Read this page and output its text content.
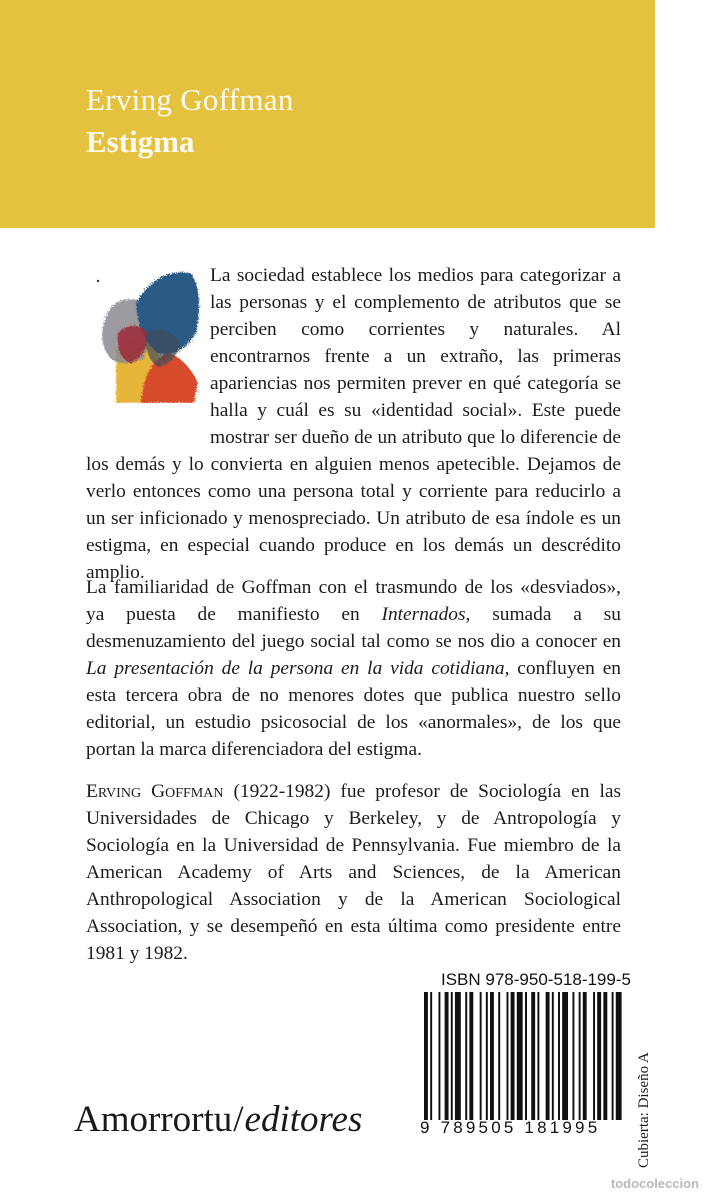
Erving Goffman
Estigma

La sociedad establece los medios para categorizar a las personas y el complemento de atributos que se perciben como corrientes y naturales. Al encontrarnos frente a un extraño, las primeras apariencias nos permiten prever en qué categoría se halla y cuál es su «identidad social». Este puede mostrar ser dueño de un atributo que lo diferencie de los demás y lo convierta en alguien menos apetecible. Dejamos de verlo entonces como una persona total y corriente para reducirlo a un ser inficionado y menospreciado. Un atributo de esa índole es un estigma, en especial cuando produce en los demás un descrédito amplio.

La familiaridad de Goffman con el trasmundo de los «desviados», ya puesta de manifiesto en Internados, sumada a su desmenuzamiento del juego social tal como se nos dio a conocer en La presentación de la persona en la vida cotidiana, confluyen en esta tercera obra de no menores dotes que publica nuestro sello editorial, un estudio psicosocial de los «anormales», de los que portan la marca diferenciadora del estigma.

Erving Goffman (1922-1982) fue profesor de Sociología en las Universidades de Chicago y Berkeley, y de Antropología y Sociología en la Universidad de Pennsylvania. Fue miembro de la American Academy of Arts and Sciences, de la American Anthropological Association y de la American Sociological Association, y se desempeñó en esta última como presidente entre 1981 y 1982.

ISBN 978-950-518-199-5
9 789505 181995
Amorrortu/editores	Cubierta: Diseño A
todocoleccion
